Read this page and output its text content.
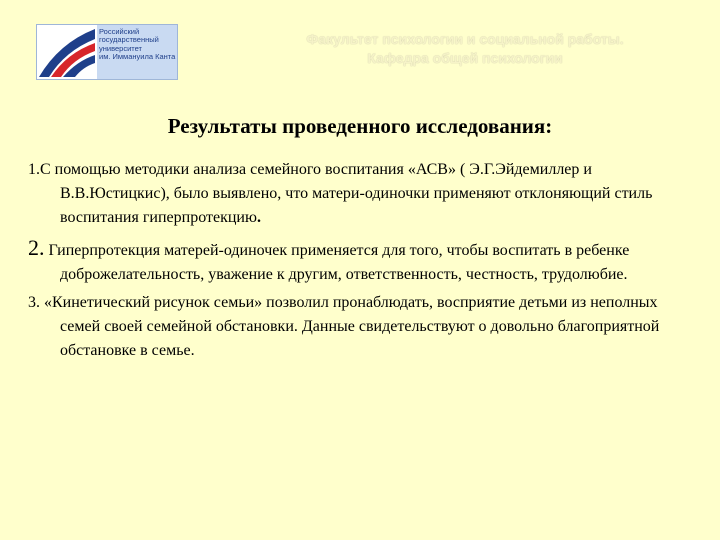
Российский
государственный
университет
им. Иммануила Канта
Факультет психологии и социальной работы.
Кафедра общей психологии
Результаты проведенного исследования:

1.С помощью методики анализа семейного воспитания «АСВ» ( Э.Г.Эйдемиллер и В.В.Юстицкис), было выявлено, что матери-одиночки применяют отклоняющий стиль воспитания гиперпротекцию.

2. Гиперпротекция матерей-одиночек применяется для того, чтобы воспитать в ребенке доброжелательность, уважение к другим, ответственность, честность, трудолюбие.

3. «Кинетический рисунок семьи» позволил пронаблюдать, восприятие детьми из неполных семей своей семейной обстановки. Данные свидетельствуют о довольно благоприятной обстановке в семье.
